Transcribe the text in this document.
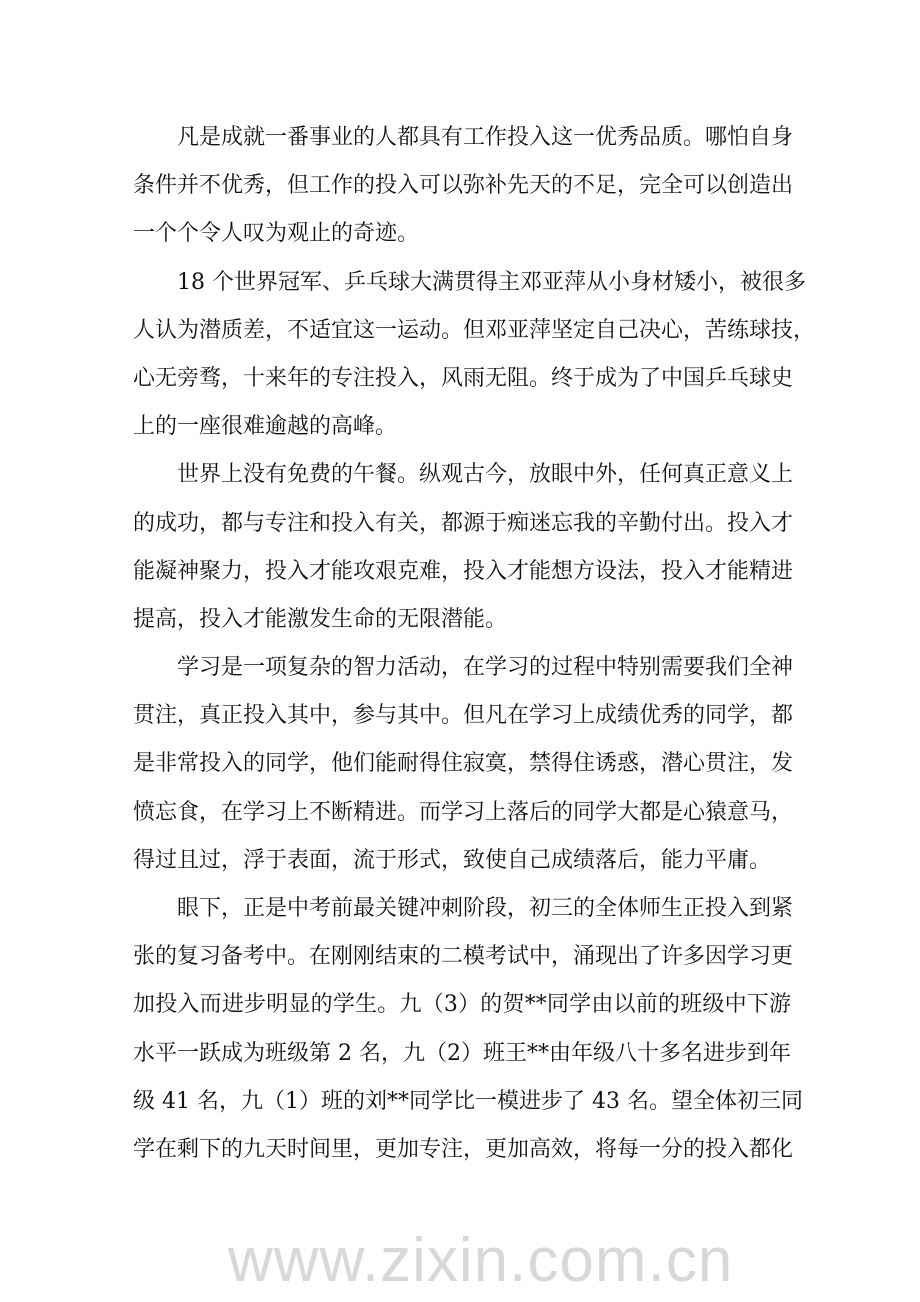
凡是成就一番事业的人都具有工作投入这一优秀品质。哪怕自身
条件并不优秀，但工作的投入可以弥补先天的不足，完全可以创造出
一个个令人叹为观止的奇迹。
18 个世界冠军、乒乓球大满贯得主邓亚萍从小身材矮小，被很多
人认为潜质差，不适宜这一运动。但邓亚萍坚定自己决心，苦练球技，
心无旁骛，十来年的专注投入，风雨无阻。终于成为了中国乒乓球史
上的一座很难逾越的高峰。
世界上没有免费的午餐。纵观古今，放眼中外，任何真正意义上
的成功，都与专注和投入有关，都源于痴迷忘我的辛勤付出。投入才
能凝神聚力，投入才能攻艰克难，投入才能想方设法，投入才能精进
提高，投入才能激发生命的无限潜能。
学习是一项复杂的智力活动，在学习的过程中特别需要我们全神
贯注，真正投入其中，参与其中。但凡在学习上成绩优秀的同学，都
是非常投入的同学，他们能耐得住寂寞，禁得住诱惑，潜心贯注，发
愤忘食，在学习上不断精进。而学习上落后的同学大都是心猿意马，
得过且过，浮于表面，流于形式，致使自己成绩落后，能力平庸。
眼下，正是中考前最关键冲刺阶段，初三的全体师生正投入到紧
张的复习备考中。在刚刚结束的二模考试中，涌现出了许多因学习更
加投入而进步明显的学生。九（3）的贺**同学由以前的班级中下游
水平一跃成为班级第 2 名，九（2）班王**由年级八十多名进步到年
级 41 名，九（1）班的刘**同学比一模进步了 43 名。望全体初三同
学在剩下的九天时间里，更加专注，更加高效，将每一分的投入都化
www.zixin.com.cn
